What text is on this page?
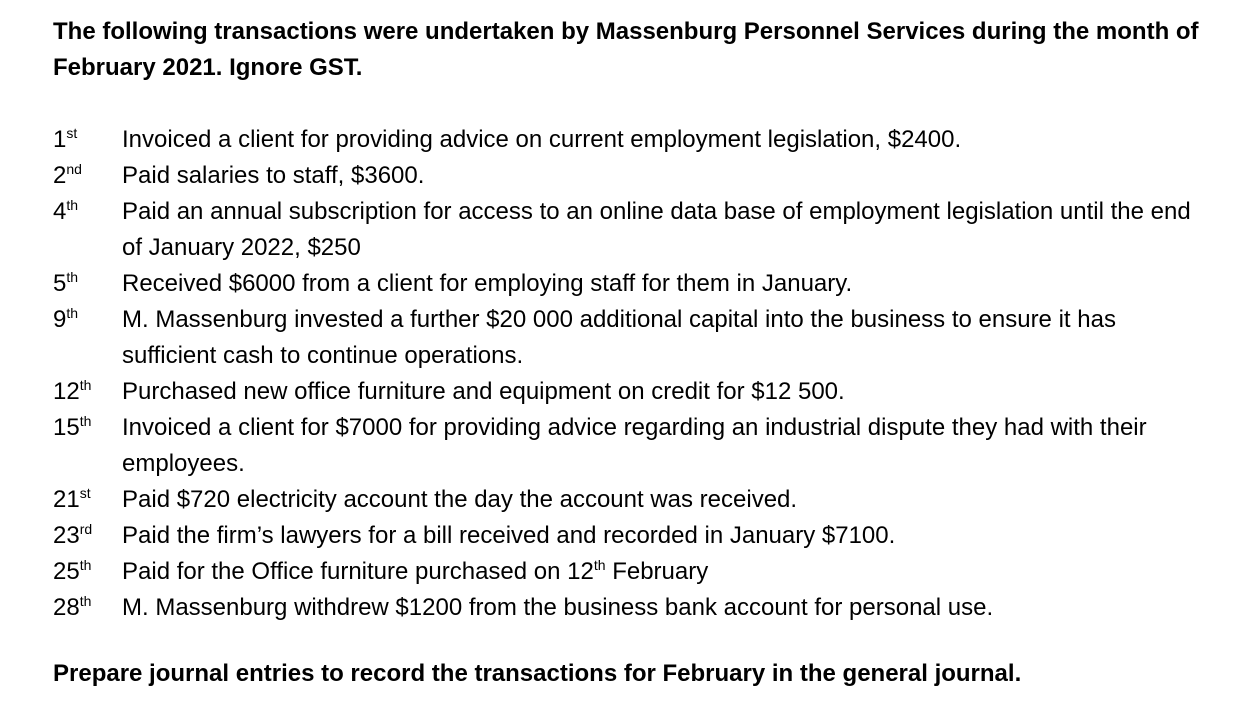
The following transactions were undertaken by Massenburg Personnel Services during the month of February 2021. Ignore GST.
1st	Invoiced a client for providing advice on current employment legislation, $2400.
2nd	Paid salaries to staff, $3600.
4th	Paid an annual subscription for access to an online data base of employment legislation until the end of January 2022, $250
5th	Received $6000 from a client for employing staff for them in January.
9th	M. Massenburg invested a further $20 000 additional capital into the business to ensure it has sufficient cash to continue operations.
12th	Purchased new office furniture and equipment on credit for $12 500.
15th	Invoiced a client for $7000 for providing advice regarding an industrial dispute they had with their employees.
21st	Paid $720 electricity account the day the account was received.
23rd	Paid the firm’s lawyers for a bill received and recorded in January $7100.
25th	Paid for the Office furniture purchased on 12th February
28th	M. Massenburg withdrew $1200 from the business bank account for personal use.
Prepare journal entries to record the transactions for February in the general journal.
